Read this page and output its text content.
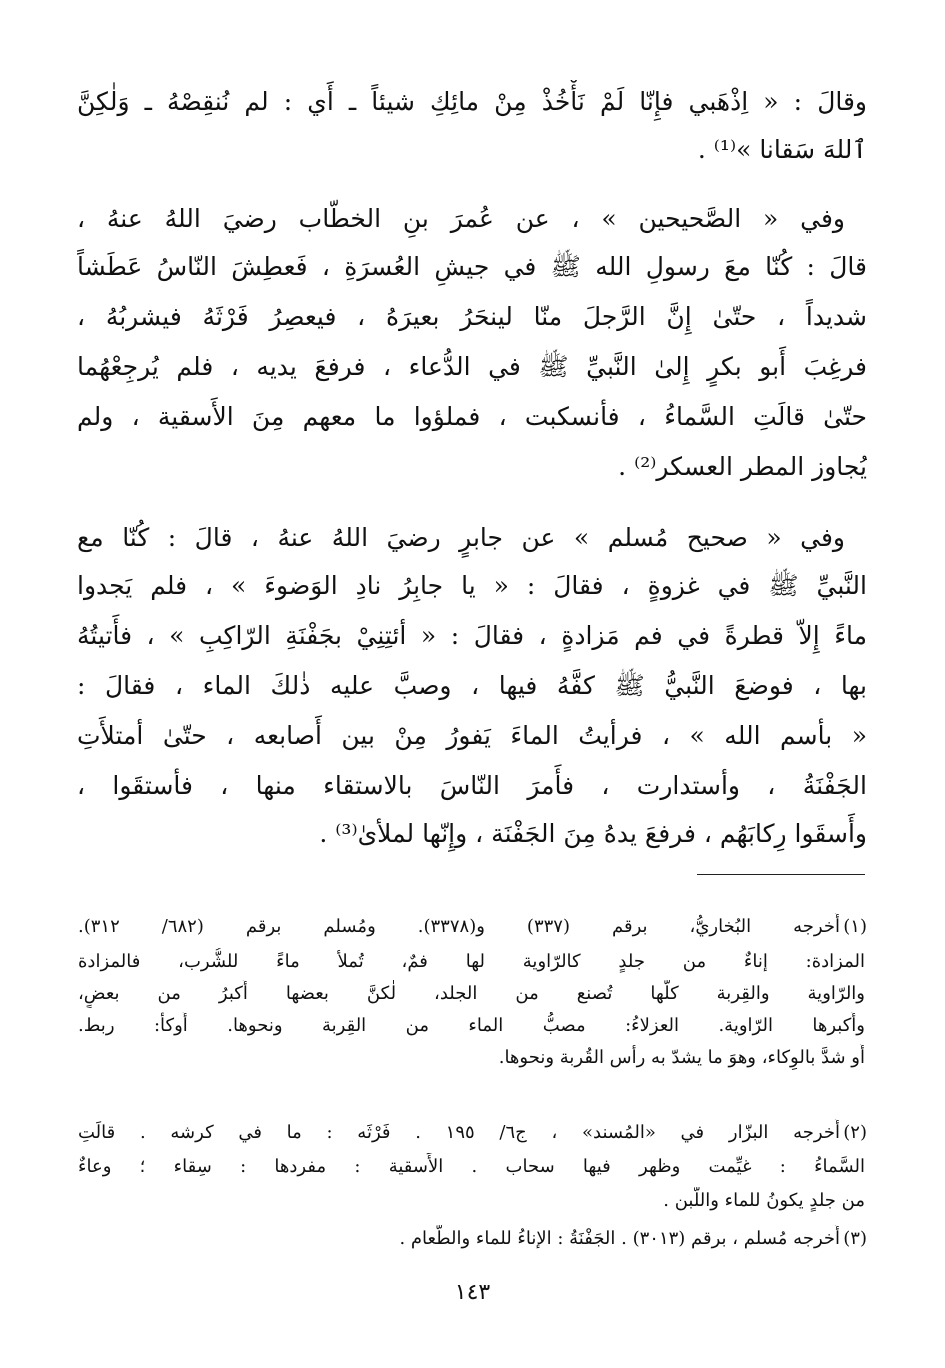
وقالَ : « اِذْهَبي فإِنّا لَمْ نَأْخُذْ مِنْ مائِكِ شيئاً ـ أَي : لم نُنقِصْهُ ـ وَلٰكِنَّ
ٱللهَ سَقانا »⁽¹⁾ .
وفي « الصَّحيحين » ، عن عُمرَ بنِ الخطّاب رضيَ اللهُ عنهُ ،
قالَ : كُنّا معَ رسولِ الله ﷺ في جيشِ العُسرَةِ ، فَعطِشَ النّاسُ عَطَشاً
شديداً ، حتّىٰ إِنَّ الرَّجلَ منّا لينحَرُ بعيرَهُ ، فيعصِرُ فَرْثَهُ فيشربُهُ ،
فرغِبَ أَبو بكرٍ إِلىٰ النَّبيِّ ﷺ في الدُّعاء ، فرفعَ يديه ، فلم يُرجِعْهُما
حتّىٰ قالَتِ السَّماءُ ، فأنسكبت ، فملؤوا ما معهم مِنَ الأَسقية ، ولم
يُجاوز المطر العسكر⁽²⁾ .
وفي « صحيح مُسلم » عن جابرٍ رضيَ اللهُ عنهُ ، قالَ : كُنّا مع
النَّبيِّ ﷺ في غزوةٍ ، فقالَ : « يا جابِرُ نادِ الوَضوءَ » ، فلم يَجدوا
ماءً إِلاّ قطرةً في فم مَزادةٍ ، فقالَ : « أئتِنِيْ بجَفْنَةِ الرّاكِبِ » ، فأَتيتُهُ
بها ، فوضعَ النَّبيُّ ﷺ كفَّهُ فيها ، وصبَّ عليه ذٰلكَ الماء ، فقالَ :
« بأسم الله » ، فرأيتُ الماءَ يَفورُ مِنْ بين أَصابعه ، حتّىٰ أمتلأَتِ
الجَفْنَةُ ، وأستدارت ، فأَمرَ النّاسَ بالاستقاء منها ، فأستقَوا ،
وأَسقَوا رِكابَهُم ، فرفعَ يدهُ مِنَ الجَفْنَة ، وإِنّها لملأىٰ⁽³⁾ .
(١)
أَخرجه البُخاريُّ، برقم (٣٣٧) و(٣٣٧٨). ومُسلم برقم (٦٨٢/ ٣١٢).
المزادة: إناءٌ من جلدٍ كالرّاوية لها فمٌ، تُملأ ماءً للشُّرب، فالمزادة
والرّاوية والقِربة كلُّها تُصنع من الجلد، لٰكنَّ بعضها أَكبرُ من بعضٍ،
وأَكبرها الرّاوية. العزلاءُ: مصبُّ الماء من القِربة ونحوها. أَوكأ: ربط.
أَو شدَّ بالوِكاء، وهوَ ما يشدّ به رأس القُربة ونحوها.
(٢)
أَخرجه البزّار في «المُسند» ، ج٦/ ١٩٥ . فَرْثَه : ما في كرشه . قالَتِ
السَّماءُ : غيِّمت وظهر فيها سحاب . الأَسقية : مفردها : سِقاء ؛ وعاءٌ
من جلدٍ يكونُ للماء واللَّبن .
(٣)
أَخرجه مُسلم ، برقم (٣٠١٣) . الجَفْنَةُ : الإناءُ للماء والطَّعام .
١٤٣
